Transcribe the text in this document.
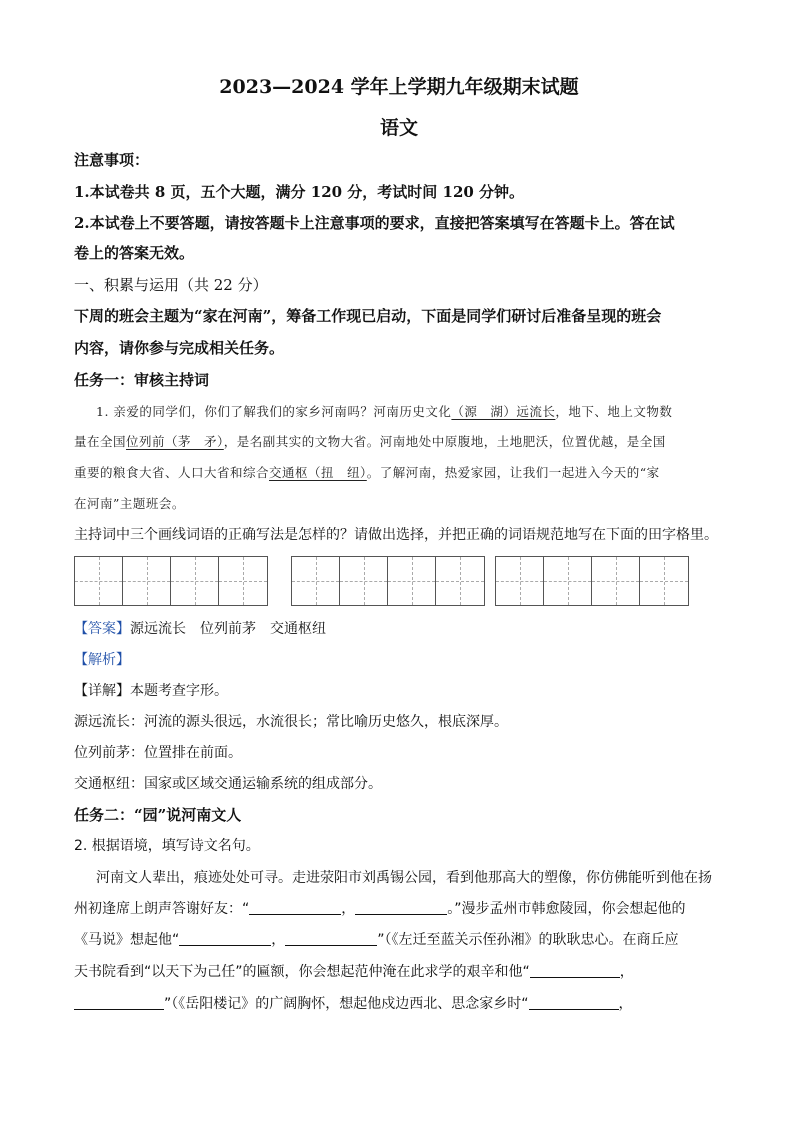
2023—2024 学年上学期九年级期末试题
语文
注意事项：
1.本试卷共 8 页，五个大题，满分 120 分，考试时间 120 分钟。
2.本试卷上不要答题，请按答题卡上注意事项的要求，直接把答案填写在答题卡上。答在试
卷上的答案无效。
一、积累与运用（共 22 分）
下周的班会主题为“家在河南”，筹备工作现已启动，下面是同学们研讨后准备呈现的班会
内容，请你参与完成相关任务。
任务一：审核主持词
1. 亲爱的同学们，你们了解我们的家乡河南吗？河南历史文化（源　湖）远流长，地下、地上文物数
量在全国位列前（茅　矛），是名副其实的文物大省。河南地处中原腹地，土地肥沃，位置优越，是全国
重要的粮食大省、人口大省和综合交通枢（扭　纽）。了解河南，热爱家园，让我们一起进入今天的“家
在河南”主题班会。
主持词中三个画线词语的正确写法是怎样的？请做出选择，并把正确的词语规范地写在下面的田字格里。
【答案】源远流长　位列前茅　交通枢纽
【解析】
【详解】本题考查字形。
源远流长：河流的源头很远，水流很长；常比喻历史悠久，根底深厚。
位列前茅：位置排在前面。
交通枢纽：国家或区域交通运输系统的组成部分。
任务二：“园”说河南文人
2. 根据语境，填写诗文名句。
河南文人辈出，痕迹处处可寻。走进荥阳市刘禹锡公园，看到他那高大的塑像，你仿佛能听到他在扬
州初逢席上朗声答谢好友：“	，	。”漫步孟州市韩愈陵园，你会想起他的
《马说》想起他“	，	”（《左迁至蓝关示侄孙湘》的耿耿忠心。在商丘应
天书院看到“以天下为己任”的匾额，你会想起范仲淹在此求学的艰辛和他“	，
”（《岳阳楼记》的广阔胸怀，想起他戍边西北、思念家乡时“	，
